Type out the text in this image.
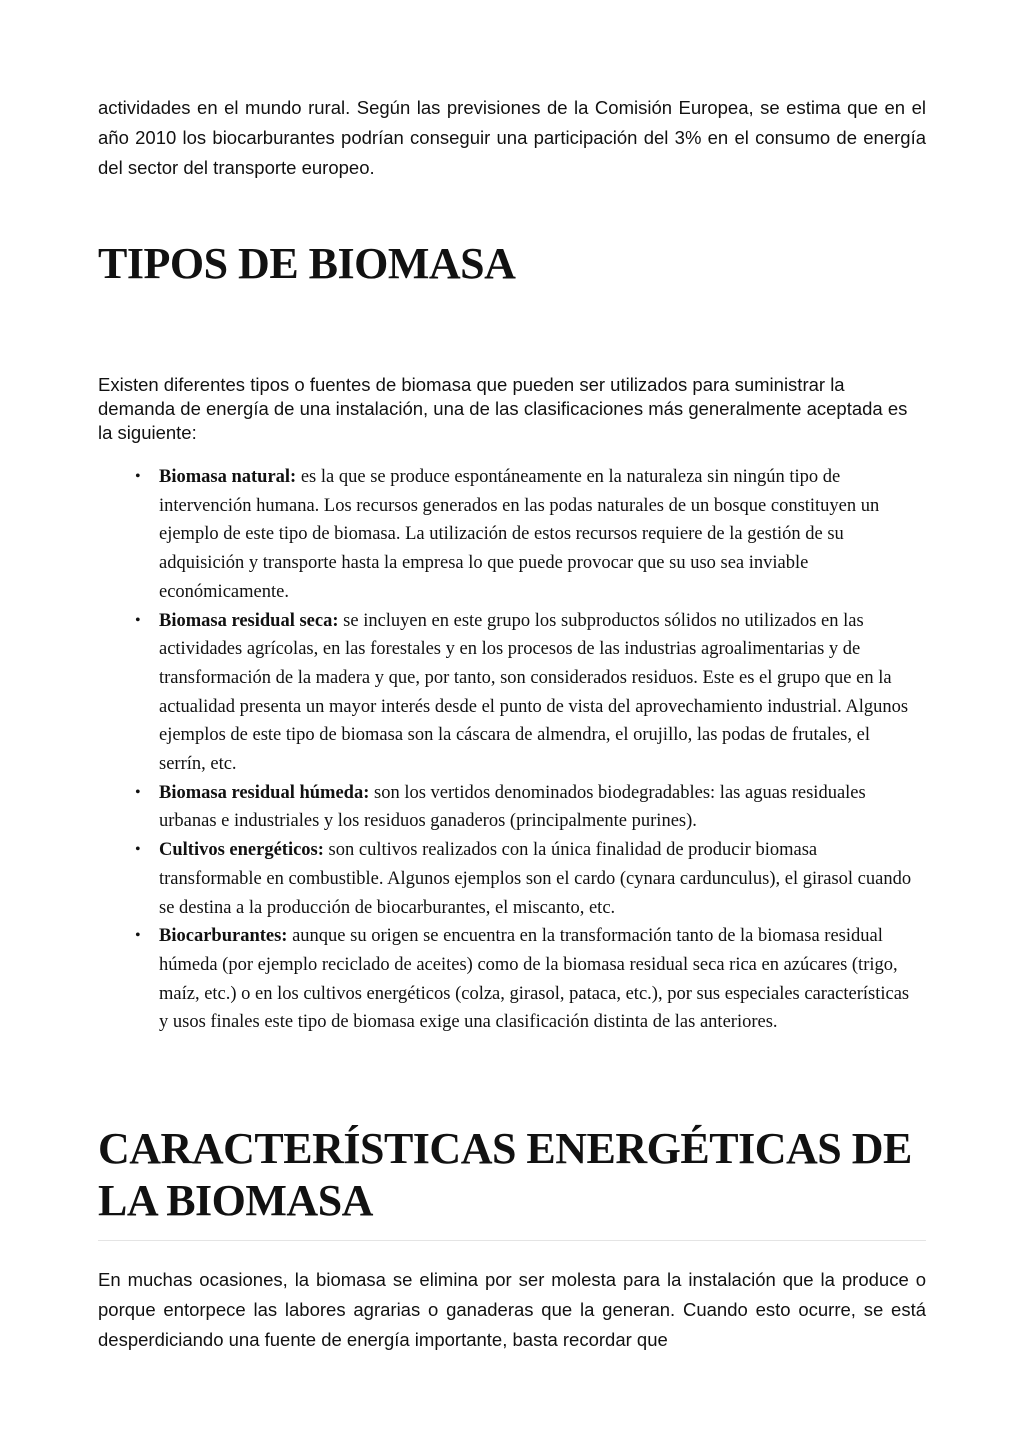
actividades en el mundo rural. Según las previsiones de la Comisión Europea, se estima que en el año 2010 los biocarburantes podrían conseguir una participación del 3% en el consumo de energía del sector del transporte europeo.

TIPOS DE BIOMASA

Existen diferentes tipos o fuentes de biomasa que pueden ser utilizados para suministrar la demanda de energía de una instalación, una de las clasificaciones más generalmente aceptada es la siguiente:

• Biomasa natural: es la que se produce espontáneamente en la naturaleza sin ningún tipo de intervención humana. Los recursos generados en las podas naturales de un bosque constituyen un ejemplo de este tipo de biomasa. La utilización de estos recursos requiere de la gestión de su adquisición y transporte hasta la empresa lo que puede provocar que su uso sea inviable económicamente.
• Biomasa residual seca: se incluyen en este grupo los subproductos sólidos no utilizados en las actividades agrícolas, en las forestales y en los procesos de las industrias agroalimentarias y de transformación de la madera y que, por tanto, son considerados residuos. Este es el grupo que en la actualidad presenta un mayor interés desde el punto de vista del aprovechamiento industrial. Algunos ejemplos de este tipo de biomasa son la cáscara de almendra, el orujillo, las podas de frutales, el serrín, etc.
• Biomasa residual húmeda: son los vertidos denominados biodegradables: las aguas residuales urbanas e industriales y los residuos ganaderos (principalmente purines).
• Cultivos energéticos: son cultivos realizados con la única finalidad de producir biomasa transformable en combustible. Algunos ejemplos son el cardo (cynara cardunculus), el girasol cuando se destina a la producción de biocarburantes, el miscanto, etc.
• Biocarburantes: aunque su origen se encuentra en la transformación tanto de la biomasa residual húmeda (por ejemplo reciclado de aceites) como de la biomasa residual seca rica en azúcares (trigo, maíz, etc.) o en los cultivos energéticos (colza, girasol, pataca, etc.), por sus especiales características y usos finales este tipo de biomasa exige una clasificación distinta de las anteriores.
CARACTERÍSTICAS ENERGÉTICAS DE LA BIOMASA

En muchas ocasiones, la biomasa se elimina por ser molesta para la instalación que la produce o porque entorpece las labores agrarias o ganaderas que la generan. Cuando esto ocurre, se está desperdiciando una fuente de energía importante, basta recordar que
